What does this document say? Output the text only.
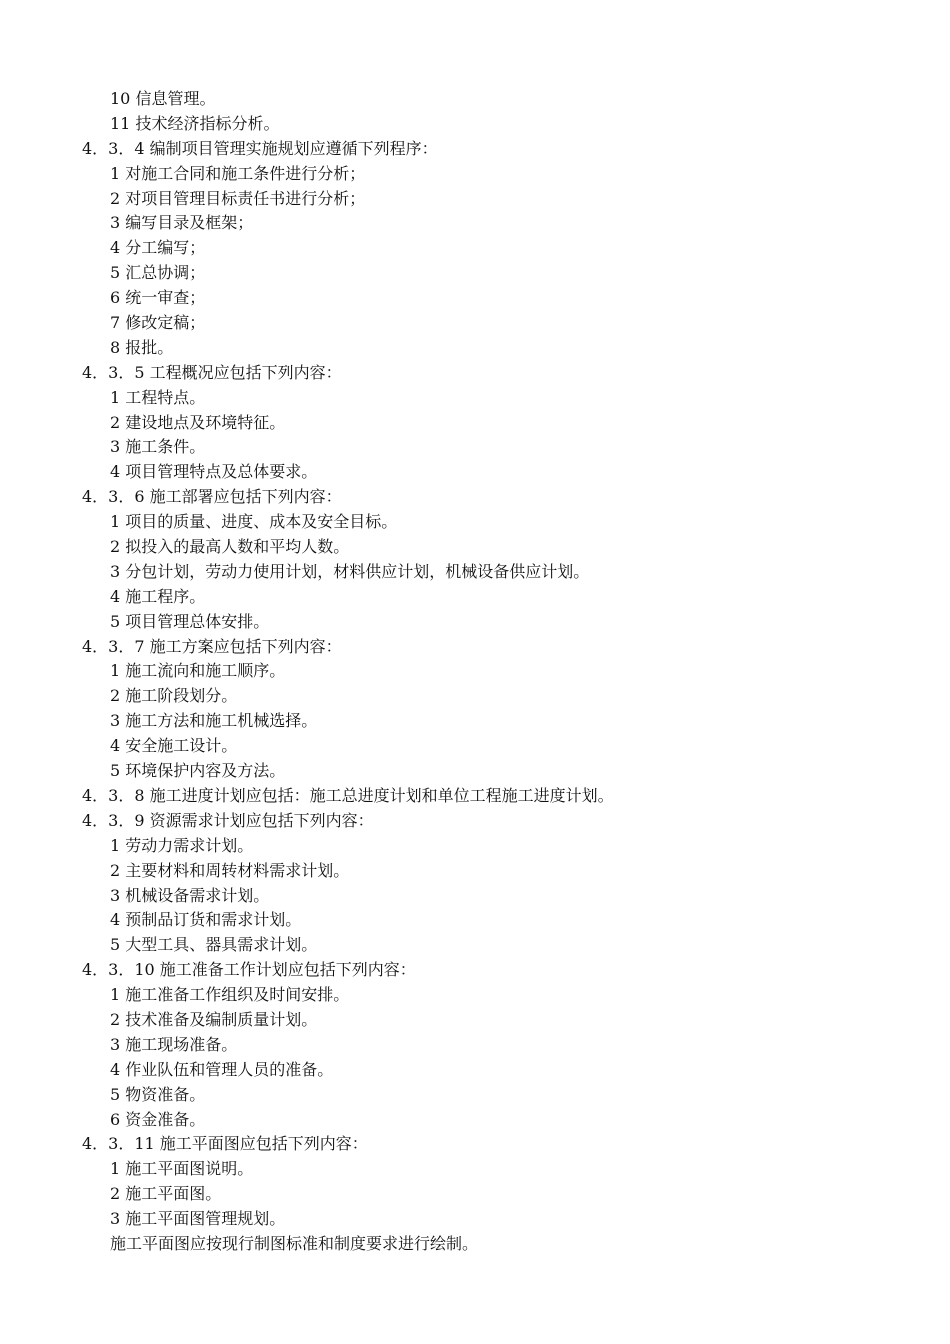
10 信息管理。
11 技术经济指标分析。
4．3．4 编制项目管理实施规划应遵循下列程序：
1 对施工合同和施工条件进行分析；
2 对项目管理目标责任书进行分析；
3 编写目录及框架；
4 分工编写；
5 汇总协调；
6 统一审查；
7 修改定稿；
8 报批。
4．3．5 工程概况应包括下列内容：
1 工程特点。
2 建设地点及环境特征。
3 施工条件。
4 项目管理特点及总体要求。
4．3．6 施工部署应包括下列内容：
1 项目的质量、进度、成本及安全目标。
2 拟投入的最高人数和平均人数。
3 分包计划，劳动力使用计划，材料供应计划，机械设备供应计划。
4 施工程序。
5 项目管理总体安排。
4．3．7 施工方案应包括下列内容：
1 施工流向和施工顺序。
2 施工阶段划分。
3 施工方法和施工机械选择。
4 安全施工设计。
5 环境保护内容及方法。
4．3．8 施工进度计划应包括：施工总进度计划和单位工程施工进度计划。
4．3．9 资源需求计划应包括下列内容：
1 劳动力需求计划。
2 主要材料和周转材料需求计划。
3 机械设备需求计划。
4 预制品订货和需求计划。
5 大型工具、器具需求计划。
4．3．10 施工准备工作计划应包括下列内容：
1 施工准备工作组织及时间安排。
2 技术准备及编制质量计划。
3 施工现场准备。
4 作业队伍和管理人员的准备。
5 物资准备。
6 资金准备。
4．3．11 施工平面图应包括下列内容：
1 施工平面图说明。
2 施工平面图。
3 施工平面图管理规划。
施工平面图应按现行制图标准和制度要求进行绘制。
